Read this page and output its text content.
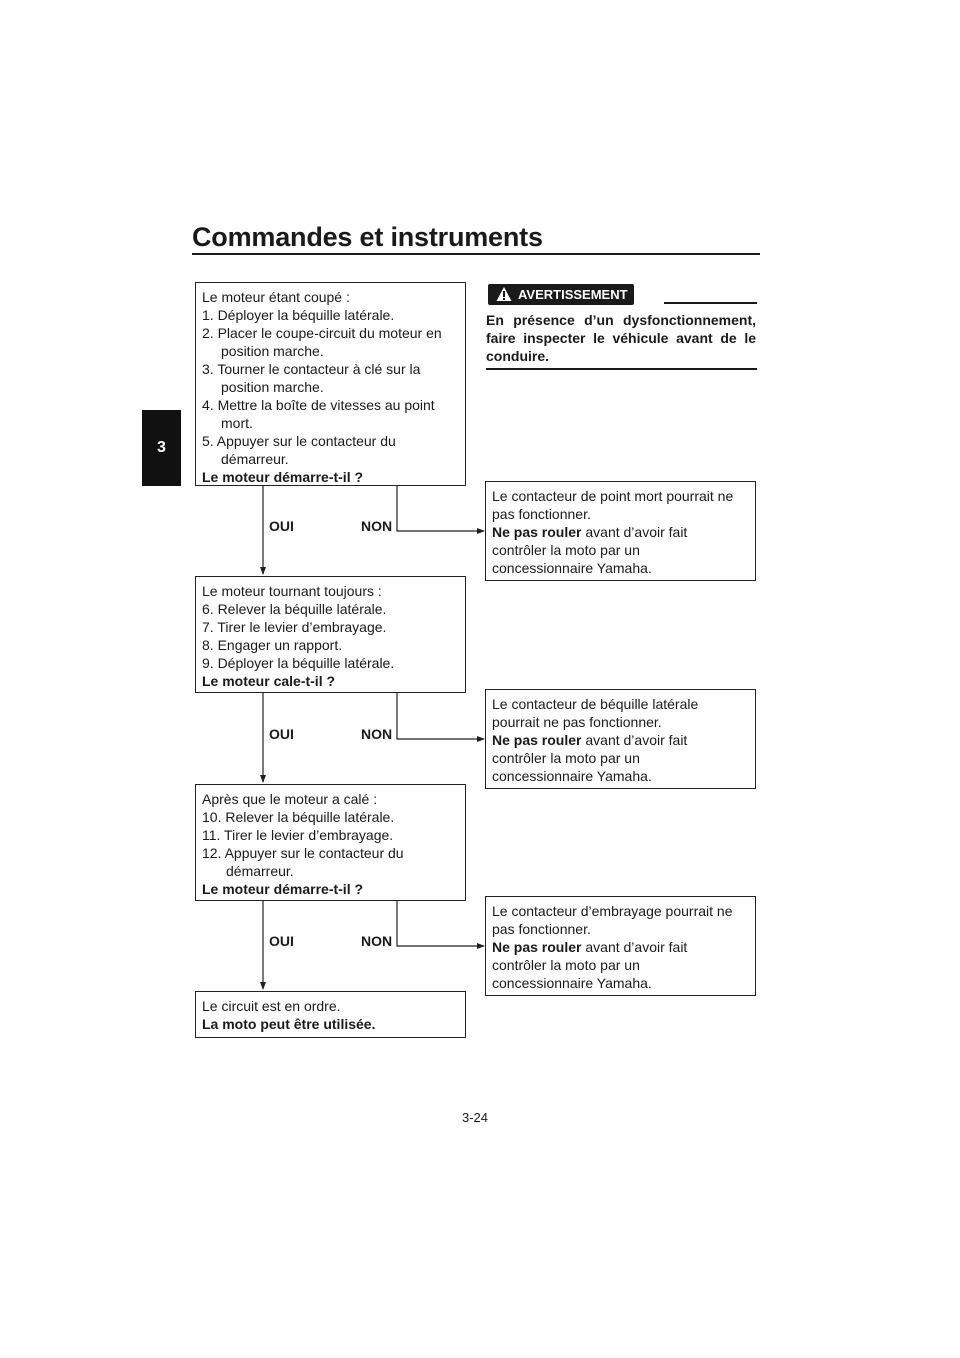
Commandes et instruments
3
AVERTISSEMENT
En présence d’un dysfonctionnement, faire inspecter le véhicule avant de le conduire.
Le moteur étant coupé :
1. Déployer la béquille latérale.
2. Placer le coupe-circuit du moteur en
position marche.
3. Tourner le contacteur à clé sur la
position marche.
4. Mettre la boîte de vitesses au point
mort.
5. Appuyer sur le contacteur du
démarreur.
Le moteur démarre-t-il ?
Le moteur tournant toujours :
6. Relever la béquille latérale.
7. Tirer le levier d’embrayage.
8. Engager un rapport.
9. Déployer la béquille latérale.
Le moteur cale-t-il ?
Après que le moteur a calé :
10. Relever la béquille latérale.
11. Tirer le levier d’embrayage.
12. Appuyer sur le contacteur du
démarreur.
Le moteur démarre-t-il ?
Le circuit est en ordre.
La moto peut être utilisée.
Le contacteur de point mort pourrait ne
pas fonctionner.
Ne pas rouler avant d’avoir fait
contrôler la moto par un
concessionnaire Yamaha.
Le contacteur de béquille latérale
pourrait ne pas fonctionner.
Ne pas rouler avant d’avoir fait
contrôler la moto par un
concessionnaire Yamaha.
Le contacteur d’embrayage pourrait ne
pas fonctionner.
Ne pas rouler avant d’avoir fait
contrôler la moto par un
concessionnaire Yamaha.
OUI	NON
OUI	NON
OUI	NON
3-24
